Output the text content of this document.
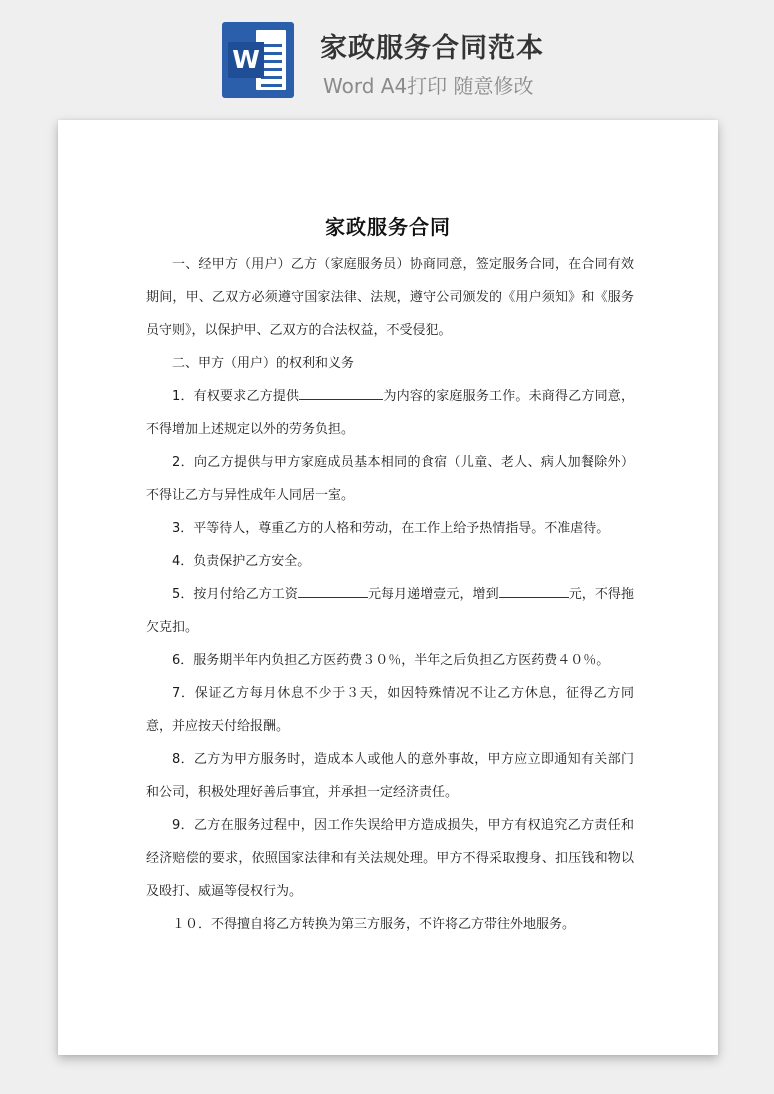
W 家政服务合同范本
Word A4打印 随意修改
家政服务合同

一、经甲方（用户）乙方（家庭服务员）协商同意，签定服务合同，在合同有效期间，甲、乙双方必须遵守国家法律、法规，遵守公司颁发的《用户须知》和《服务员守则》，以保护甲、乙双方的合法权益，不受侵犯。

二、甲方（用户）的权利和义务

1．有权要求乙方提供	为内容的家庭服务工作。未商得乙方同意，不得增加上述规定以外的劳务负担。

2．向乙方提供与甲方家庭成员基本相同的食宿（儿童、老人、病人加餐除外）不得让乙方与异性成年人同居一室。

3．平等待人，尊重乙方的人格和劳动，在工作上给予热情指导。不准虐待。

4．负责保护乙方安全。

5．按月付给乙方工资	元每月递增壹元，增到	元，不得拖欠克扣。

6．服务期半年内负担乙方医药费３０％，半年之后负担乙方医药费４０％。

7．保证乙方每月休息不少于３天，如因特殊情况不让乙方休息，征得乙方同意，并应按天付给报酬。

8．乙方为甲方服务时，造成本人或他人的意外事故，甲方应立即通知有关部门和公司，积极处理好善后事宜，并承担一定经济责任。

9．乙方在服务过程中，因工作失误给甲方造成损失，甲方有权追究乙方责任和经济赔偿的要求，依照国家法律和有关法规处理。甲方不得采取搜身、扣压钱和物以及殴打、威逼等侵权行为。

１０．不得擅自将乙方转换为第三方服务，不许将乙方带往外地服务。
